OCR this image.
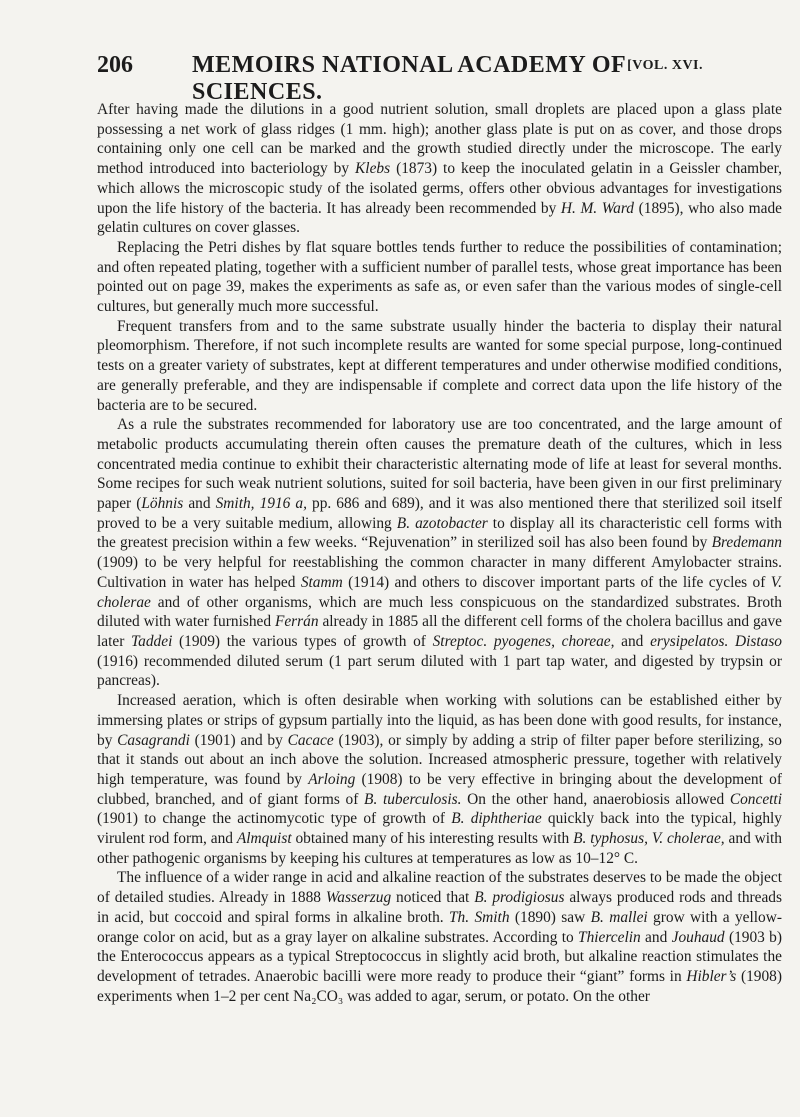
206 MEMOIRS NATIONAL ACADEMY OF SCIENCES.
[VOL. XVI.

After having made the dilutions in a good nutrient solution, small droplets are placed upon a glass plate possessing a net work of glass ridges (1 mm. high); another glass plate is put on as cover, and those drops containing only one cell can be marked and the growth studied directly under the microscope. The early method introduced into bacteriology by Klebs (1873) to keep the inoculated gelatin in a Geissler chamber, which allows the microscopic study of the isolated germs, offers other obvious advantages for investigations upon the life history of the bacteria. It has already been recommended by H. M. Ward (1895), who also made gelatin cultures on cover glasses.

Replacing the Petri dishes by flat square bottles tends further to reduce the possibilities of contamination; and often repeated plating, together with a sufficient number of parallel tests, whose great importance has been pointed out on page 39, makes the experiments as safe as, or even safer than the various modes of single-cell cultures, but generally much more successful.

Frequent transfers from and to the same substrate usually hinder the bacteria to display their natural pleomorphism. Therefore, if not such incomplete results are wanted for some special purpose, long-continued tests on a greater variety of substrates, kept at different temperatures and under otherwise modified conditions, are generally preferable, and they are indispensable if complete and correct data upon the life history of the bacteria are to be secured.

As a rule the substrates recommended for laboratory use are too concentrated, and the large amount of metabolic products accumulating therein often causes the premature death of the cultures, which in less concentrated media continue to exhibit their characteristic alternating mode of life at least for several months. Some recipes for such weak nutrient solutions, suited for soil bacteria, have been given in our first preliminary paper (Löhnis and Smith, 1916 a, pp. 686 and 689), and it was also mentioned there that sterilized soil itself proved to be a very suitable medium, allowing B. azotobacter to display all its characteristic cell forms with the greatest precision within a few weeks. “Rejuvenation” in sterilized soil has also been found by Bredemann (1909) to be very helpful for reestablishing the common character in many different Amylobacter strains. Cultivation in water has helped Stamm (1914) and others to discover important parts of the life cycles of V. cholerae and of other organisms, which are much less conspicuous on the standardized substrates. Broth diluted with water furnished Ferrán already in 1885 all the different cell forms of the cholera bacillus and gave later Taddei (1909) the various types of growth of Streptoc. pyogenes, choreae, and erysipelatos. Distaso (1916) recommended diluted serum (1 part serum diluted with 1 part tap water, and digested by trypsin or pancreas).

Increased aeration, which is often desirable when working with solutions can be established either by immersing plates or strips of gypsum partially into the liquid, as has been done with good results, for instance, by Casagrandi (1901) and by Cacace (1903), or simply by adding a strip of filter paper before sterilizing, so that it stands out about an inch above the solution. Increased atmospheric pressure, together with relatively high temperature, was found by Arloing (1908) to be very effective in bringing about the development of clubbed, branched, and of giant forms of B. tuberculosis. On the other hand, anaerobiosis allowed Concetti (1901) to change the actinomycotic type of growth of B. diphtheriae quickly back into the typical, highly virulent rod form, and Almquist obtained many of his interesting results with B. typhosus, V. cholerae, and with other pathogenic organisms by keeping his cultures at temperatures as low as 10–12° C.

The influence of a wider range in acid and alkaline reaction of the substrates deserves to be made the object of detailed studies. Already in 1888 Wasserzug noticed that B. prodigiosus always produced rods and threads in acid, but coccoid and spiral forms in alkaline broth. Th. Smith (1890) saw B. mallei grow with a yellow-orange color on acid, but as a gray layer on alkaline substrates. According to Thiercelin and Jouhaud (1903 b) the Enterococcus appears as a typical Streptococcus in slightly acid broth, but alkaline reaction stimulates the development of tetrades. Anaerobic bacilli were more ready to produce their “giant” forms in Hibler’s (1908) experiments when 1–2 per cent Na₂CO₃ was added to agar, serum, or potato. On the other
